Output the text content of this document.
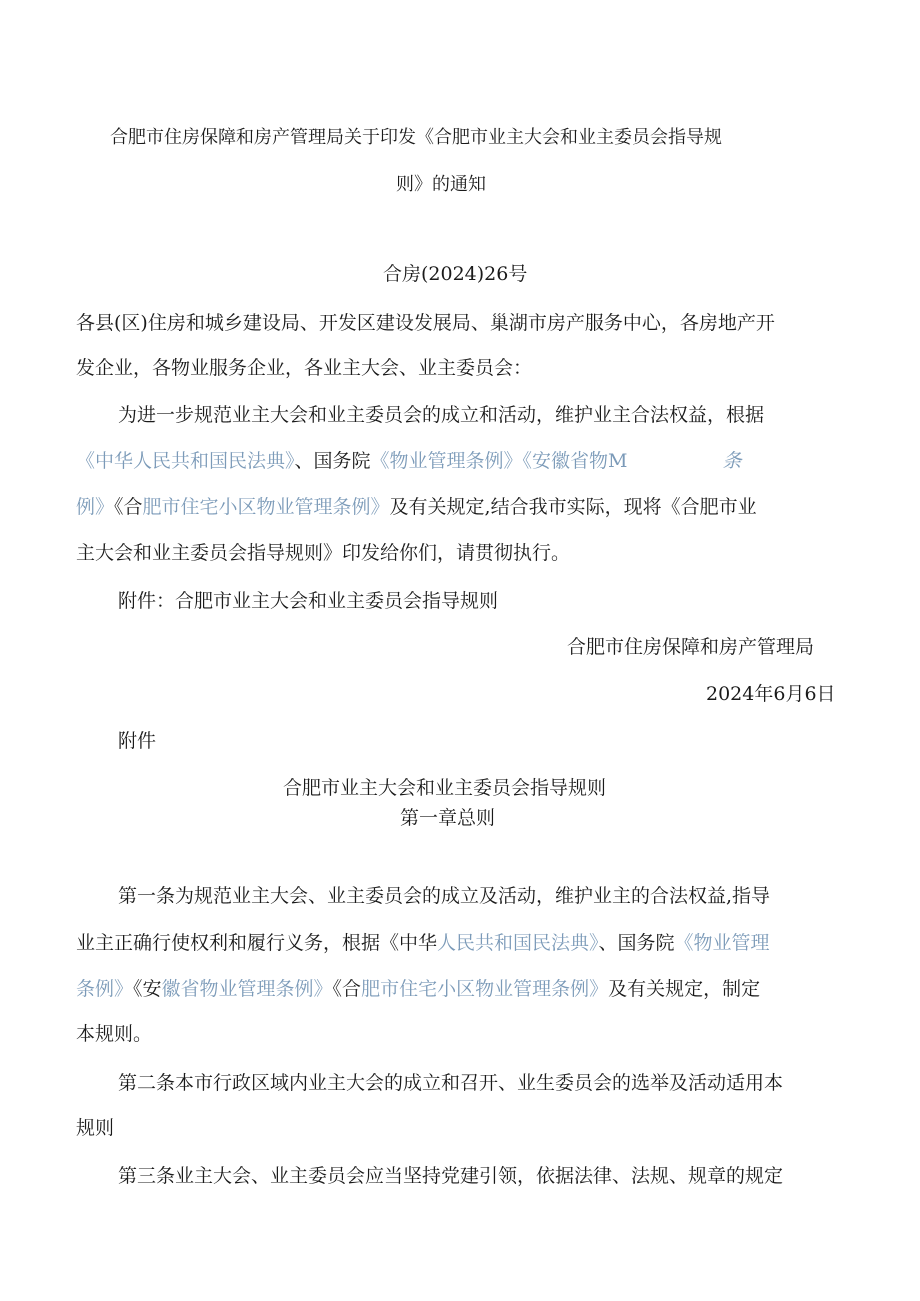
合肥市住房保障和房产管理局关于印发《合肥市业主大会和业主委员会指导规
则》的通知
合房(2024)26号
各县(区)住房和城乡建设局、开发区建设发展局、巢湖市房产服务中心，各房地产开
发企业，各物业服务企业，各业主大会、业主委员会：
为进一步规范业主大会和业主委员会的成立和活动，维护业主合法权益，根据
《中华人民共和国民法典》、国务院《物业管理条例》《安徽省物M	条
例》《合肥市住宅小区物业管理条例》及有关规定,结合我市实际，现将《合肥市业
主大会和业主委员会指导规则》印发给你们，请贯彻执行。
附件：合肥市业主大会和业主委员会指导规则
合肥市住房保障和房产管理局
2024年6月6日
附件
合肥市业主大会和业主委员会指导规则
第一章总则
第一条为规范业主大会、业主委员会的成立及活动，维护业主的合法权益,指导
业主正确行使权利和履行义务，根据《中华人民共和国民法典》、国务院《物业管理
条例》《安徽省物业管理条例》《合肥市住宅小区物业管理条例》及有关规定，制定
本规则。
第二条本市行政区域内业主大会的成立和召开、业生委员会的选举及活动适用本
规则
第三条业主大会、业主委员会应当坚持党建引领，依据法律、法规、规章的规定
